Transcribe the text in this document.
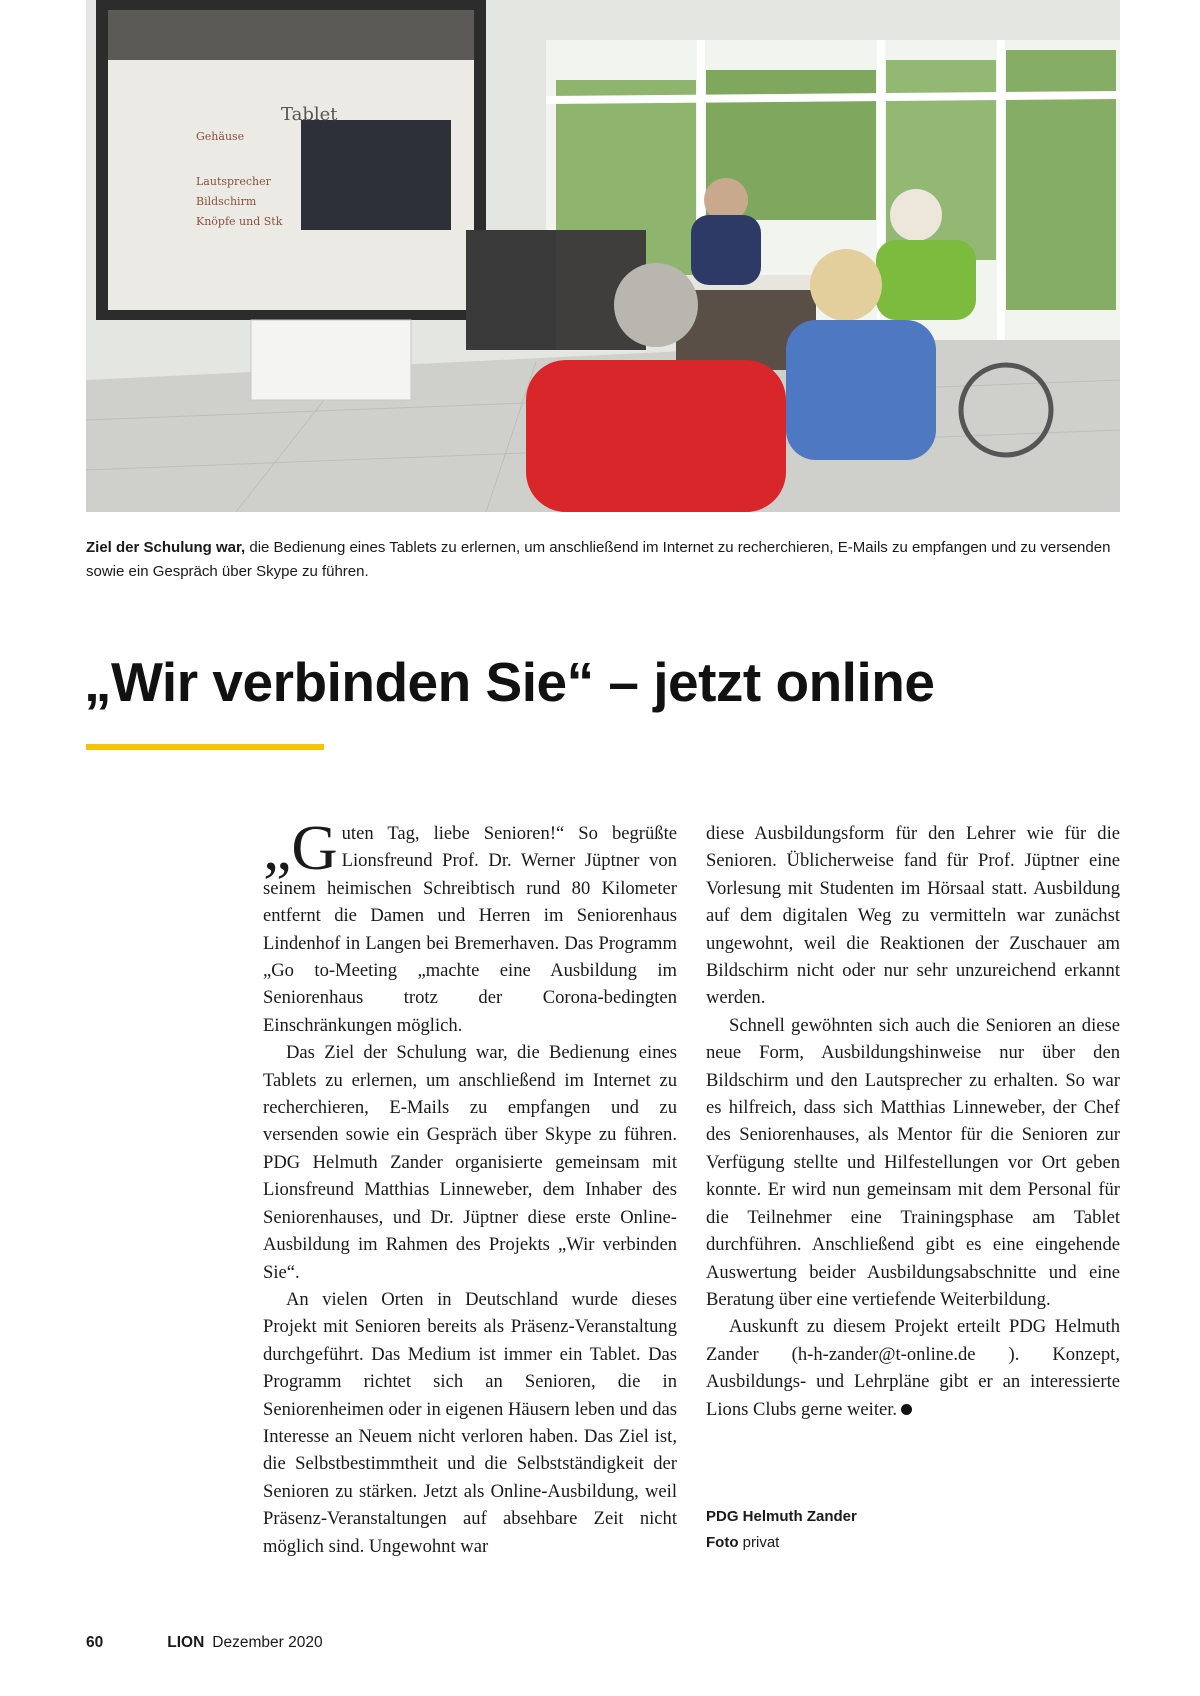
Tablet
Gehäuse
Lautsprecher
Bildschirm
Knöpfe und Stk
Ziel der Schulung war, die Bedienung eines Tablets zu erlernen, um anschließend im Internet zu recherchieren, E-Mails zu empfangen und zu versenden sowie ein Gespräch über Skype zu führen.
„Wir verbinden Sie“ – jetzt online

„G uten Tag, liebe Senioren!“ So begrüßte Lionsfreund Prof. Dr. Werner Jüptner von seinem heimischen Schreibtisch rund 80 Kilometer entfernt die Damen und Herren im Seniorenhaus Lindenhof in Langen bei Bremerhaven. Das Programm „Go to-Meeting „machte eine Ausbildung im Seniorenhaus trotz der Corona-bedingten Einschränkungen möglich.

Das Ziel der Schulung war, die Bedienung eines Tablets zu erlernen, um anschließend im Internet zu recherchieren, E-Mails zu empfangen und zu versenden sowie ein Gespräch über Skype zu führen. PDG Helmuth Zander organisierte gemeinsam mit Lionsfreund Matthias Linneweber, dem Inhaber des Seniorenhauses, und Dr. Jüptner diese erste Online-Ausbildung im Rahmen des Projekts „Wir verbinden Sie“.

An vielen Orten in Deutschland wurde dieses Projekt mit Senioren bereits als Präsenz-Veranstaltung durchgeführt. Das Medium ist immer ein Tablet. Das Programm richtet sich an Senioren, die in Seniorenheimen oder in eigenen Häusern leben und das Interesse an Neuem nicht verloren haben. Das Ziel ist, die Selbstbestimmtheit und die Selbstständigkeit der Senioren zu stärken. Jetzt als Online-Ausbildung, weil Präsenz-Veranstaltungen auf absehbare Zeit nicht möglich sind. Ungewohnt war

diese Ausbildungsform für den Lehrer wie für die Senioren. Üblicherweise fand für Prof. Jüptner eine Vorlesung mit Studenten im Hörsaal statt. Ausbildung auf dem digitalen Weg zu vermitteln war zunächst ungewohnt, weil die Reaktionen der Zuschauer am Bildschirm nicht oder nur sehr unzureichend erkannt werden.

Schnell gewöhnten sich auch die Senioren an diese neue Form, Ausbildungshinweise nur über den Bildschirm und den Lautsprecher zu erhalten. So war es hilfreich, dass sich Matthias Linneweber, der Chef des Seniorenhauses, als Mentor für die Senioren zur Verfügung stellte und Hilfestellungen vor Ort geben konnte. Er wird nun gemeinsam mit dem Personal für die Teilnehmer eine Trainingsphase am Tablet durchführen. Anschließend gibt es eine eingehende Auswertung beider Ausbildungsabschnitte und eine Beratung über eine vertiefende Weiterbildung.

Auskunft zu diesem Projekt erteilt PDG Helmuth Zander (h-h-zander@t-online.de ). Konzept, Ausbildungs- und Lehrpläne gibt er an interessierte Lions Clubs gerne weiter.

PDG Helmuth Zander
Foto privat
60	LION Dezember 2020
